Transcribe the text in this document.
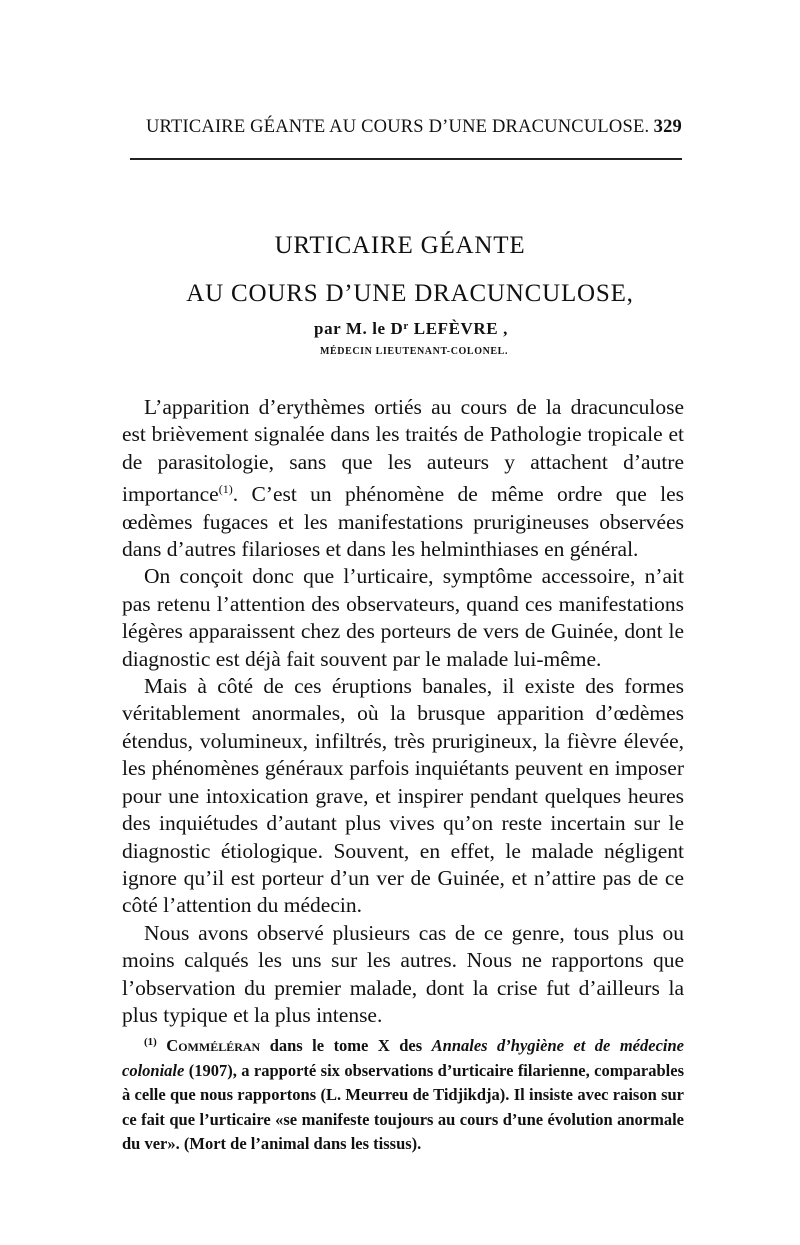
URTICAIRE GÉANTE AU COURS D’UNE DRACUNCULOSE. 329
URTICAIRE GÉANTE
AU COURS D’UNE DRACUNCULOSE,
par M. le $D^r$ LEFÈVRE ,
MÉDECIN LIEUTENANT-COLONEL.

L’apparition d’erythèmes ortiés au cours de la dracunculose est brièvement signalée dans les traités de Pathologie tropicale et de parasitologie, sans que les auteurs y attachent d’autre importance$^{(1)}$. C’est un phénomène de même ordre que les œdèmes fugaces et les manifestations prurigineuses observées dans d’autres filarioses et dans les helminthiases en général.

On conçoit donc que l’urticaire, symptôme accessoire, n’ait pas retenu l’attention des observateurs, quand ces manifestations légères apparaissent chez des porteurs de vers de Guinée, dont le diagnostic est déjà fait souvent par le malade lui-même.

Mais à côté de ces éruptions banales, il existe des formes véritablement anormales, où la brusque apparition d’œdèmes étendus, volumineux, infiltrés, très prurigineux, la fièvre élevée, les phénomènes généraux parfois inquiétants peuvent en imposer pour une intoxication grave, et inspirer pendant quelques heures des inquiétudes d’autant plus vives qu’on reste incertain sur le diagnostic étiologique. Souvent, en effet, le malade négligent ignore qu’il est porteur d’un ver de Guinée, et n’attire pas de ce côté l’attention du médecin.

Nous avons observé plusieurs cas de ce genre, tous plus ou moins calqués les uns sur les autres. Nous ne rapportons que l’observation du premier malade, dont la crise fut d’ailleurs la plus typique et la plus intense.

$^{(1)}$ Comméléran dans le tome X des Annales d’hygiène et de médecine coloniale (1907), a rapporté six observations d’urticaire filarienne, comparables à celle que nous rapportons (L. Meurreu de Tidjikdja). Il insiste avec raison sur ce fait que l’urticaire «se manifeste toujours au cours d’une évolution anormale du ver». (Mort de l’animal dans les tissus).
